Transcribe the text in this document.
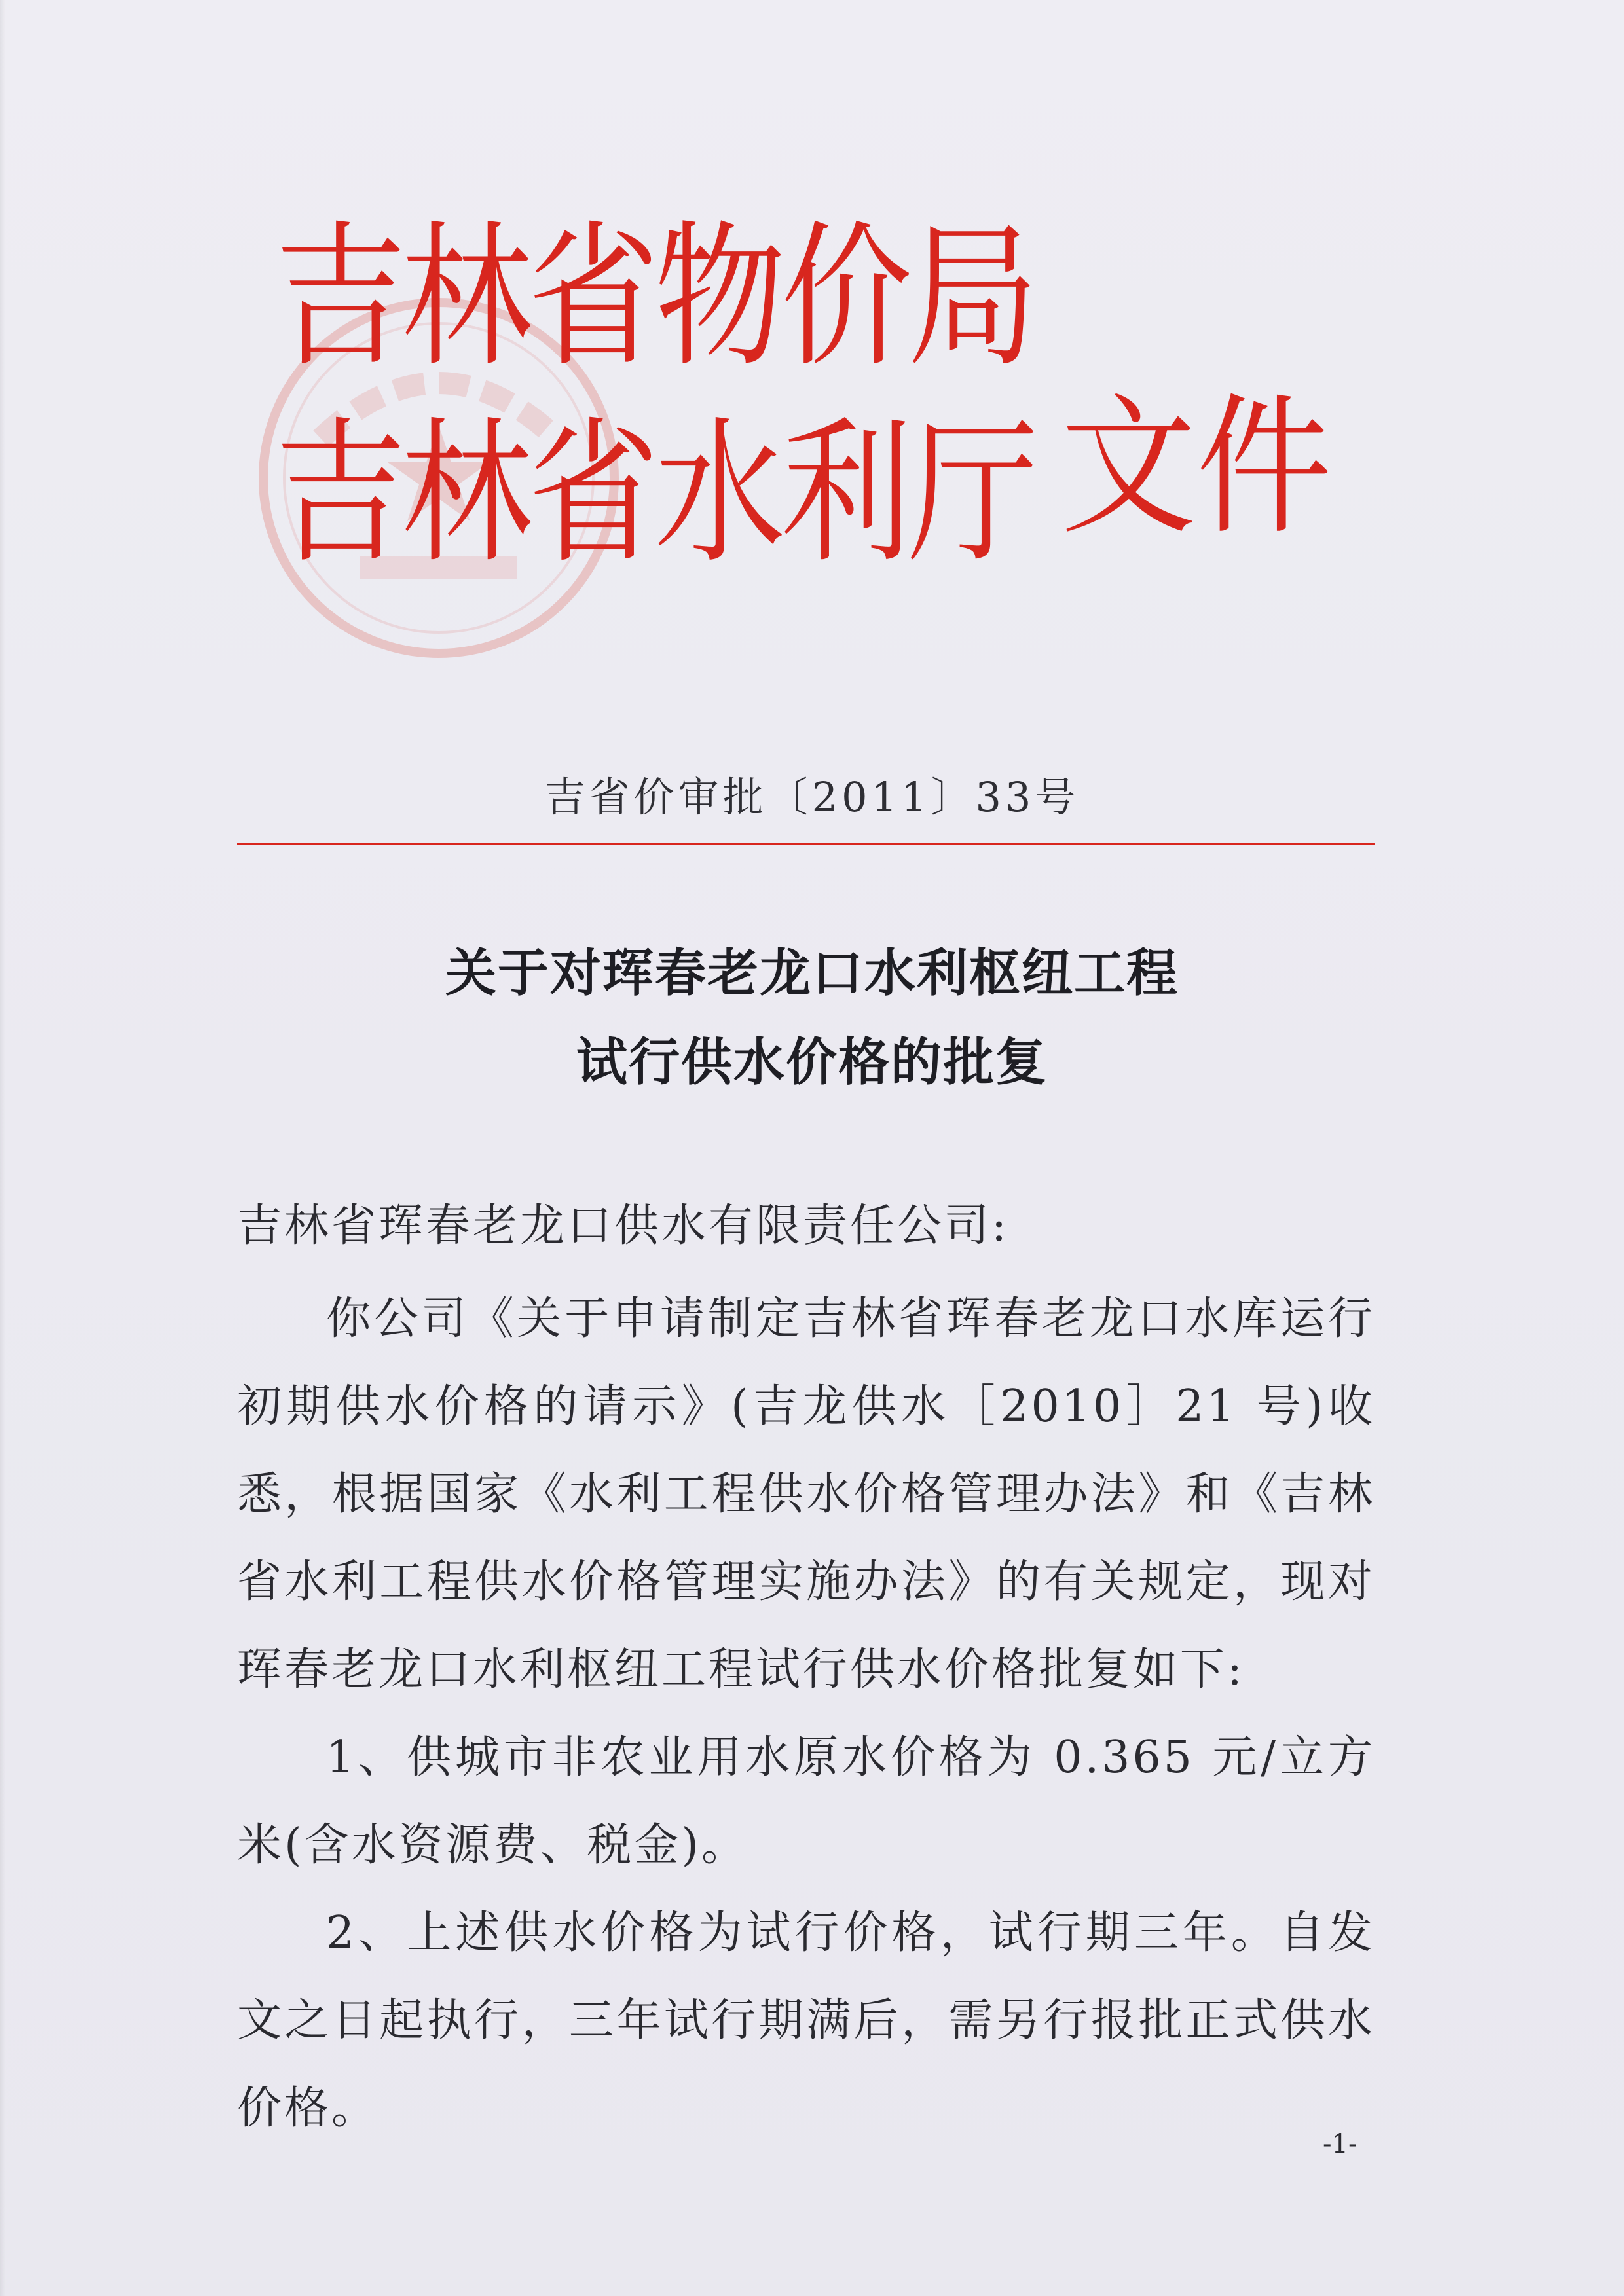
吉林省物价局
吉林省水利厅 文件
吉省价审批〔2011〕33号
关于对珲春老龙口水利枢纽工程
试行供水价格的批复
吉林省珲春老龙口供水有限责任公司:

你公司《关于申请制定吉林省珲春老龙口水库运行初期供水价格的请示》(吉龙供水［2010］21 号)收悉，根据国家《水利工程供水价格管理办法》和《吉林省水利工程供水价格管理实施办法》的有关规定，现对珲春老龙口水利枢纽工程试行供水价格批复如下:

1、供城市非农业用水原水价格为 0.365 元/立方米(含水资源费、税金)。

2、上述供水价格为试行价格，试行期三年。自发文之日起执行，三年试行期满后，需另行报批正式供水价格。

-1-
